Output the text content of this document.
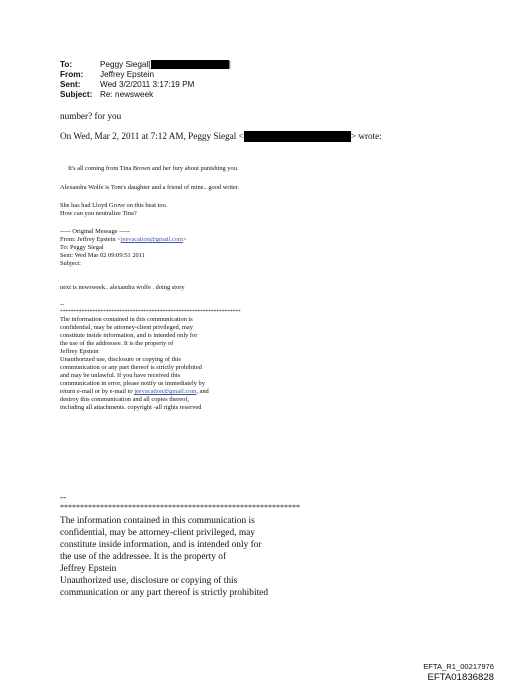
To:	Peggy Siegal[	]
From: Jeffrey Epstein
Sent: Wed 3/2/2011 3:17:19 PM
Subject: Re: newsweek
number? for you
On Wed, Mar 2, 2011 at 7:12 AM, Peggy Siegal <	> wrote:
It's all coming from Tina Brown and her fury about punishing you.
Alexandra Wolfe is Tom's daughter and a friend of mine.. good writer.
She has had Lloyd Grove on this beat too.
How can you neutralize Tina?
----- Original Message -----
From: Jeffrey Epstein <jeevacation@gmail.com>
To: Peggy Siegal
Sent: Wed Mar 02 09:09:51 2011
Subject:
next is newsweek.. alexandra wolfe . doing story
--
*******************************************************************
The information contained in this communication is
confidential, may be attorney-client privileged, may
constitute inside information, and is intended only for
the use of the addressee. It is the property of
Jeffrey Epstein
Unauthorized use, disclosure or copying of this
communication or any part thereof is strictly prohibited
and may be unlawful. If you have received this
communication in error, please notify us immediately by
return e-mail or by e-mail to jeevacation@gmail.com, and
destroy this communication and all copies thereof,
including all attachments. copyright -all rights reserved
--
************************************************************
The information contained in this communication is
confidential, may be attorney-client privileged, may
constitute inside information, and is intended only for
the use of the addressee. It is the property of
Jeffrey Epstein
Unauthorized use, disclosure or copying of this
communication or any part thereof is strictly prohibited
EFTA_R1_00217976
EFTA01836828
